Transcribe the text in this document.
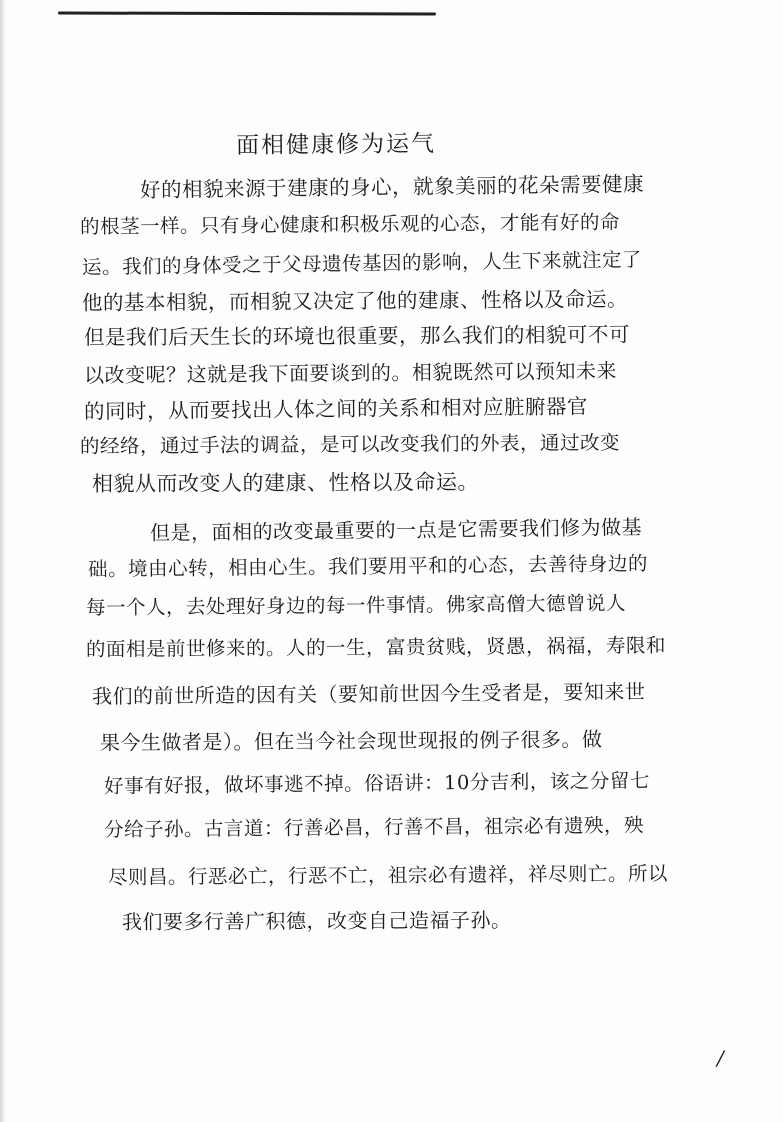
面相健康修为运气
好的相貌来源于建康的身心，就象美丽的花朵需要健康
的根茎一样。只有身心健康和积极乐观的心态，才能有好的命
运。我们的身体受之于父母遗传基因的影响，人生下来就注定了
他的基本相貌，而相貌又决定了他的建康、性格以及命运。
但是我们后天生长的环境也很重要，那么我们的相貌可不可
以改变呢？这就是我下面要谈到的。相貌既然可以预知未来
的同时，从而要找出人体之间的关系和相对应脏腑器官
的经络，通过手法的调益，是可以改变我们的外表，通过改变
相貌从而改变人的建康、性格以及命运。
但是，面相的改变最重要的一点是它需要我们修为做基
础。境由心转，相由心生。我们要用平和的心态，去善待身边的
每一个人，去处理好身边的每一件事情。佛家高僧大德曾说人
的面相是前世修来的。人的一生，富贵贫贱，贤愚，祸福，寿限和
我们的前世所造的因有关（要知前世因今生受者是，要知来世
果今生做者是）。但在当今社会现世现报的例子很多。做
好事有好报，做坏事逃不掉。俗语讲：10分吉利，该之分留七
分给子孙。古言道：行善必昌，行善不昌，祖宗必有遗殃，殃
尽则昌。行恶必亡，行恶不亡，祖宗必有遗祥，祥尽则亡。所以
我们要多行善广积德，改变自己造福子孙。
/
